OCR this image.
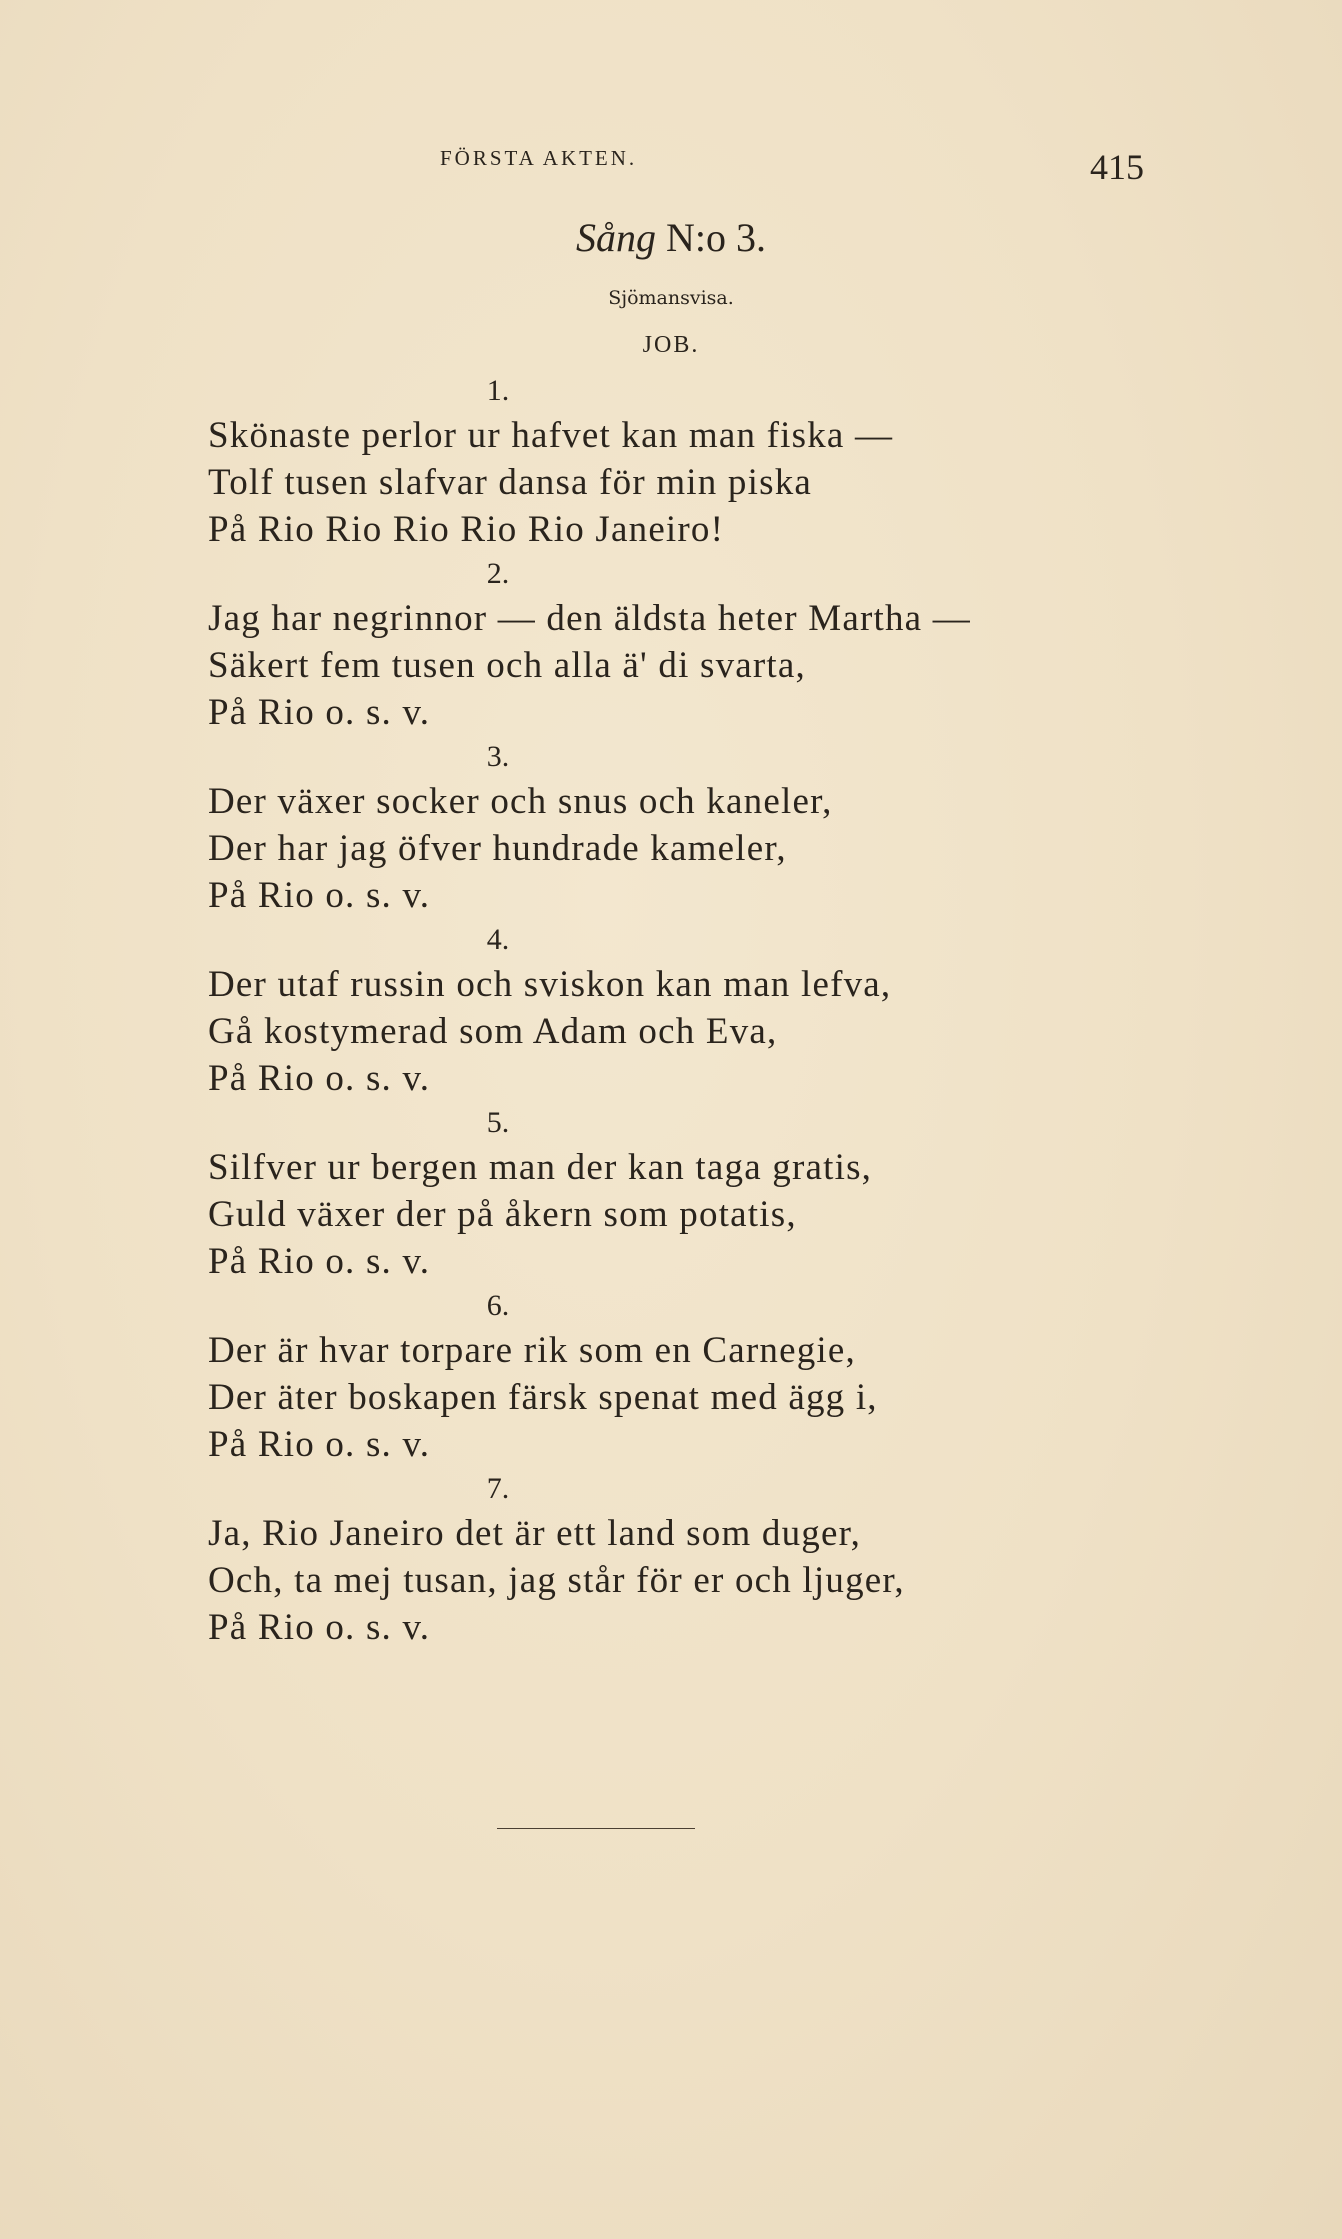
FÖRSTA AKTEN.	415
Sång N:o 3.
Sjömansvisa.
JOB.
1.
Skönaste perlor ur hafvet kan man fiska —
Tolf tusen slafvar dansa för min piska
På Rio Rio Rio Rio Rio Janeiro!
2.
Jag har negrinnor — den äldsta heter Martha —
Säkert fem tusen och alla ä' di svarta,
På Rio o. s. v.
3.
Der växer socker och snus och kaneler,
Der har jag öfver hundrade kameler,
På Rio o. s. v.
4.
Der utaf russin och sviskon kan man lefva,
Gå kostymerad som Adam och Eva,
På Rio o. s. v.
5.
Silfver ur bergen man der kan taga gratis,
Guld växer der på åkern som potatis,
På Rio o. s. v.
6.
Der är hvar torpare rik som en Carnegie,
Der äter boskapen färsk spenat med ägg i,
På Rio o. s. v.
7.
Ja, Rio Janeiro det är ett land som duger,
Och, ta mej tusan, jag står för er och ljuger,
På Rio o. s. v.
